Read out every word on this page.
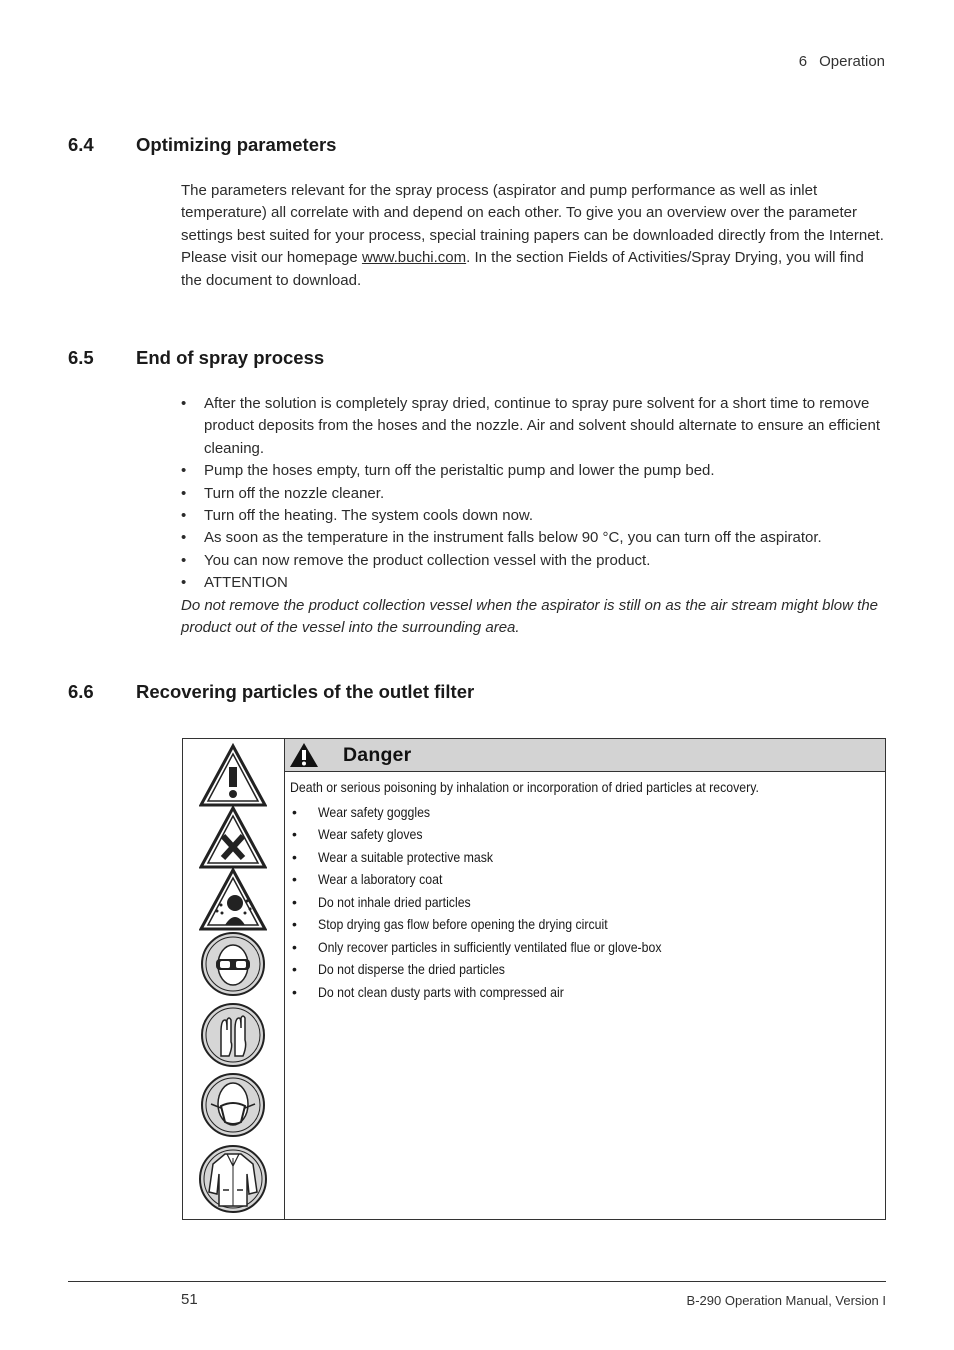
6 Operation
6.4 Optimizing parameters

The parameters relevant for the spray process (aspirator and pump performance as well as inlet temperature) all correlate with and depend on each other. To give you an overview over the parameter settings best suited for your process, special training papers can be downloaded directly from the Internet.

Please visit our homepage www.buchi.com. In the section Fields of Activities/Spray Drying, you will find the document to download.

6.5 End of spray process
• After the solution is completely spray dried, continue to spray pure solvent for a short time to remove product deposits from the hoses and the nozzle. Air and solvent should alternate to ensure an efficient cleaning.
• Pump the hoses empty, turn off the peristaltic pump and lower the pump bed.
• Turn off the nozzle cleaner.
• Turn off the heating. The system cools down now.
• As soon as the temperature in the instrument falls below 90 °C, you can turn off the aspirator.
• You can now remove the product collection vessel with the product.
• ATTENTION

Do not remove the product collection vessel when the aspirator is still on as the air stream might blow the product out of the vessel into the surrounding area.

6.6 Recovering particles of the outlet filter
Danger

Death or serious poisoning by inhalation or incorporation of dried particles at recovery.

• Wear safety goggles
• Wear safety gloves
• Wear a suitable protective mask
• Wear a laboratory coat
• Do not inhale dried particles
• Stop drying gas flow before opening the drying circuit
• Only recover particles in sufficiently ventilated flue or glove-box
• Do not disperse the dried particles
• Do not clean dusty parts with compressed air
51	B-290 Operation Manual, Version I
